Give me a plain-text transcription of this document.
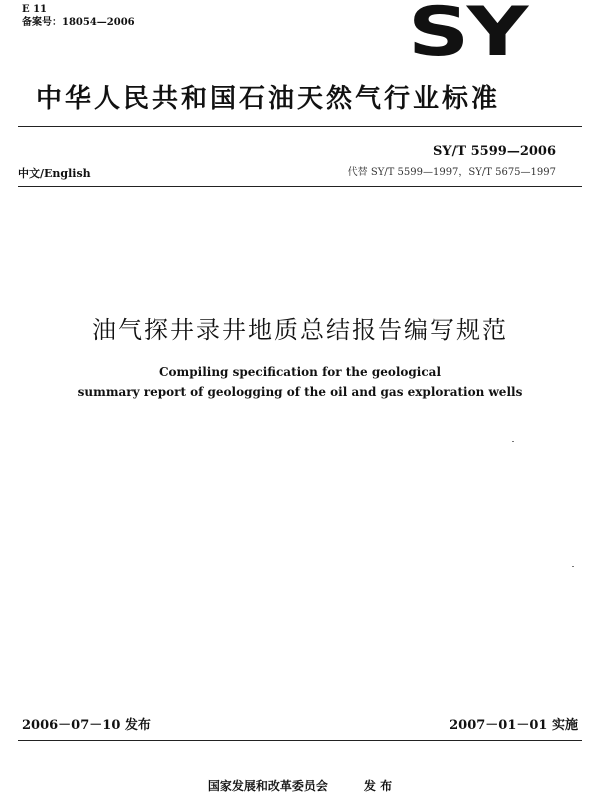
E 11
备案号：18054—2006	SY
中华人民共和国石油天然气行业标准
SY/T 5599—2006
中文/English	代替 SY/T 5599—1997，SY/T 5675—1997
油气探井录井地质总结报告编写规范
Compiling specification for the geological
summary report of geologging of the oil and gas exploration wells
2006－07－10 发布	2007－01－01 实施
国家发展和改革委员会	发 布
